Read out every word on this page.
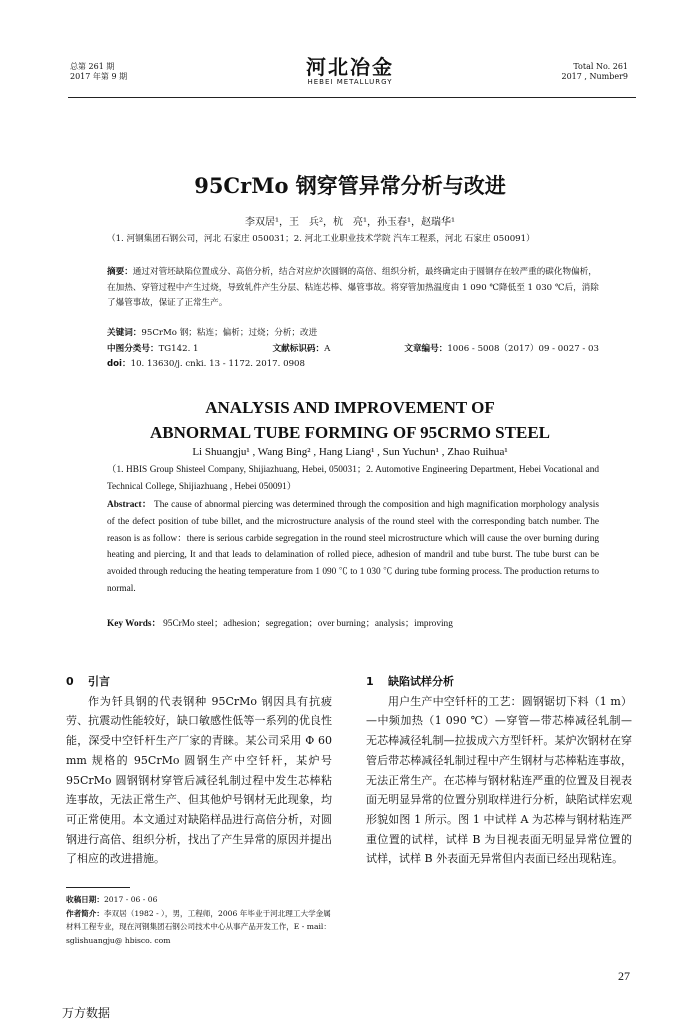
总第 261 期
2017 年第 9 期	河北冶金
HEBEI METALLURGY
Total No. 261
2017 , Number9
95CrMo 钢穿管异常分析与改进
李双居¹，王　兵²，杭　亮¹，孙玉春¹，赵瑞华¹
（1. 河钢集团石钢公司，河北 石家庄 050031；2. 河北工业职业技术学院 汽车工程系，河北 石家庄 050091）
摘要：通过对管坯缺陷位置成分、高倍分析，结合对应炉次圆钢的高倍、组织分析，最终确定由于圆钢存在较严重的碳化物偏析，在加热、穿管过程中产生过烧，导致轧件产生分层、粘连芯棒、爆管事故。将穿管加热温度由 1 090 ℃降低至 1 030 ℃后，消除了爆管事故，保证了正常生产。
关键词：95CrMo 钢；粘连；偏析；过烧；分析；改进
中图分类号：TG142. 1	文献标识码：A	文章编号：1006 - 5008（2017）09 - 0027 - 03
doi：10. 13630/j. cnki. 13 - 1172. 2017. 0908
ANALYSIS AND IMPROVEMENT OF
ABNORMAL TUBE FORMING OF 95CRMO STEEL
Li Shuangju¹ , Wang Bing² , Hang Liang¹ , Sun Yuchun¹ , Zhao Ruihua¹
（1. HBIS Group Shisteel Company, Shijiazhuang, Hebei, 050031；2. Automotive Engineering Department, Hebei Vocational and Technical College, Shijiazhuang , Hebei 050091）
Abstract： The cause of abnormal piercing was determined through the composition and high magnification morphology analysis of the defect position of tube billet, and the microstructure analysis of the round steel with the corresponding batch number. The reason is as follow：there is serious carbide segregation in the round steel microstructure which will cause the over burning during heating and piercing, It and that leads to delamination of rolled piece, adhesion of mandril and tube burst. The tube burst can be avoided through reducing the heating temperature from 1 090 ℃ to 1 030 ℃ during tube forming process. The production returns to normal.
Key Words： 95CrMo steel；adhesion；segregation；over burning；analysis；improving
0 引言

作为钎具钢的代表钢种 95CrMo 钢因具有抗疲劳、抗震动性能较好，缺口敏感性低等一系列的优良性能，深受中空钎杆生产厂家的青睐。某公司采用 Φ 60 mm 规格的 95CrMo 圆钢生产中空钎杆，某炉号 95CrMo 圆钢钢材穿管后减径轧制过程中发生芯棒粘连事故，无法正常生产、但其他炉号钢材无此现象，均可正常使用。本文通过对缺陷样品进行高倍分析，对圆钢进行高倍、组织分析，找出了产生异常的原因并提出了相应的改进措施。

1 缺陷试样分析

用户生产中空钎杆的工艺：圆钢锯切下料（1 m）—中频加热（1 090 ℃）—穿管—带芯棒减径轧制—无芯棒减径轧制—拉拔成六方型钎杆。某炉次钢材在穿管后带芯棒减径轧制过程中产生钢材与芯棒粘连事故，无法正常生产。在芯棒与钢材粘连严重的位置及目视表面无明显异常的位置分别取样进行分析，缺陷试样宏观形貌如图 1 所示。图 1 中试样 A 为芯棒与钢材粘连严重位置的试样，试样 B 为目视表面无明显异常位置的试样，试样 B 外表面无异常但内表面已经出现粘连。

收稿日期：2017 - 06 - 06
作者简介：李双居（1982 - ），男，工程师，2006 年毕业于河北理工大学金属材料工程专业，现在河钢集团石钢公司技术中心从事产品开发工作，E - mail：sglishuangju@ hbisco. com
27
万方数据
